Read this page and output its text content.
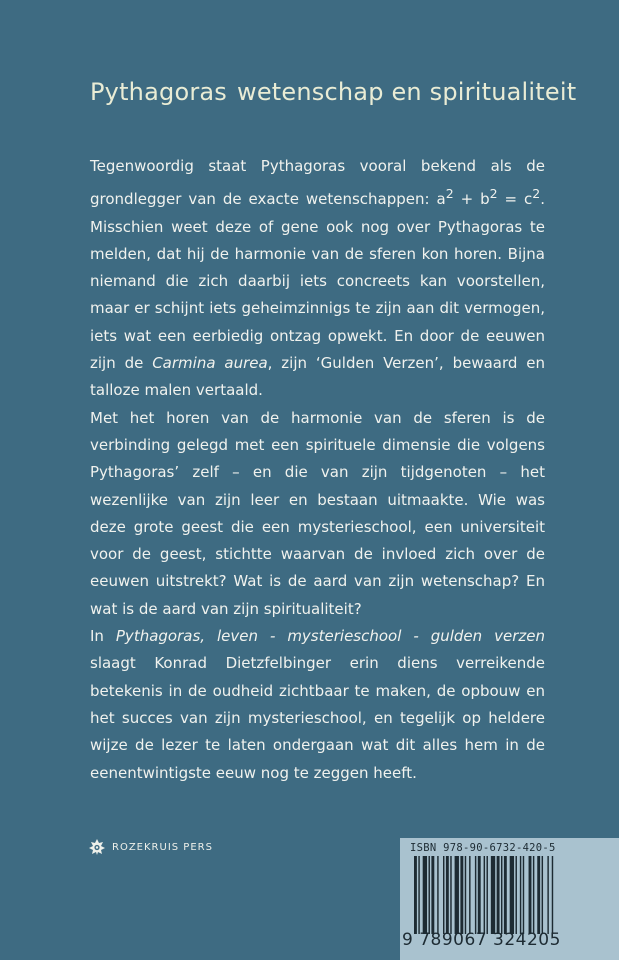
Pythagoras wetenschap en spiritualiteit

Tegenwoordig staat Pythagoras vooral bekend als de grondlegger van de exacte wetenschappen: $a^2 + b^2 = c^2$. Misschien weet deze of gene ook nog over Pythagoras te melden, dat hij de harmonie van de sferen kon horen. Bijna niemand die zich daarbij iets concreets kan voorstellen, maar er schijnt iets geheimzinnigs te zijn aan dit vermogen, iets wat een eerbiedig ontzag opwekt. En door de eeuwen zijn de Carmina aurea, zijn ‘Gulden Verzen’, bewaard en talloze malen vertaald.

Met het horen van de harmonie van de sferen is de verbinding gelegd met een spirituele dimensie die volgens Pythagoras’ zelf – en die van zijn tijdgenoten – het wezenlijke van zijn leer en bestaan uitmaakte. Wie was deze grote geest die een mysterieschool, een universiteit voor de geest, stichtte waarvan de invloed zich over de eeuwen uitstrekt? Wat is de aard van zijn wetenschap? En wat is de aard van zijn spiritualiteit?

In Pythagoras, leven - mysterieschool - gulden verzen slaagt Konrad Dietzfelbinger erin diens verreikende betekenis in de oudheid zichtbaar te maken, de opbouw en het succes van zijn mysterieschool, en tegelijk op heldere wijze de lezer te laten ondergaan wat dit alles hem in de eenentwintigste eeuw nog te zeggen heeft.

ROZEKRUIS PERS	ISBN 978-90-6732-420-5
9 789067 324205
